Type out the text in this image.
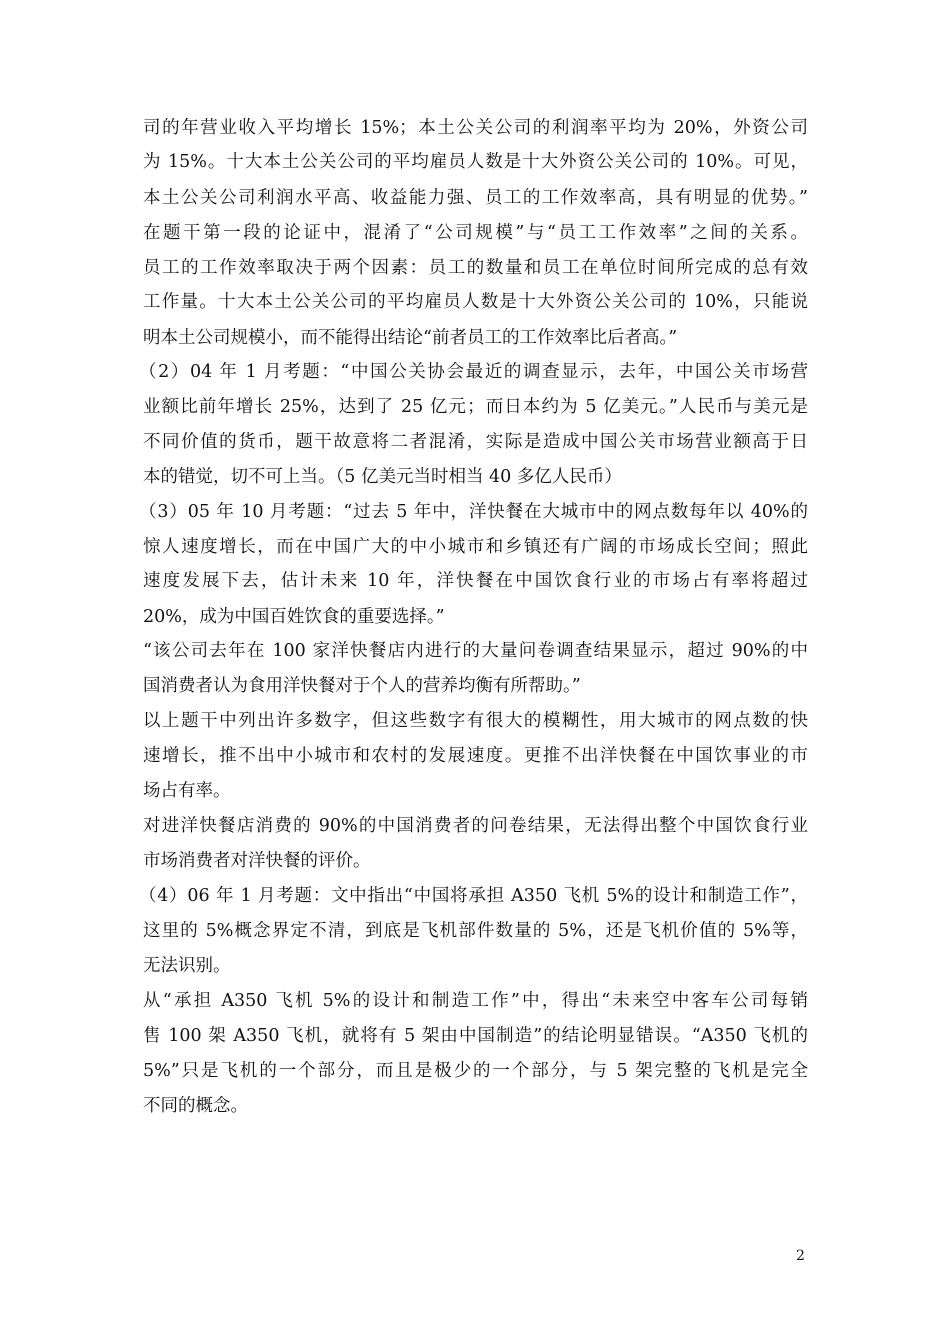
司的年营业收入平均增长 15%；本土公关公司的利润率平均为 20%，外资公司
为 15%。十大本土公关公司的平均雇员人数是十大外资公关公司的 10%。可见，
本土公关公司利润水平高、收益能力强、员工的工作效率高，具有明显的优势。”
在题干第一段的论证中，混淆了“公司规模”与“员工工作效率”之间的关系。
员工的工作效率取决于两个因素：员工的数量和员工在单位时间所完成的总有效
工作量。十大本土公关公司的平均雇员人数是十大外资公关公司的 10%，只能说
明本土公司规模小，而不能得出结论“前者员工的工作效率比后者高。”
（2）04 年 1 月考题：“中国公关协会最近的调查显示，去年，中国公关市场营
业额比前年增长 25%，达到了 25 亿元；而日本约为 5 亿美元。”人民币与美元是
不同价值的货币，题干故意将二者混淆，实际是造成中国公关市场营业额高于日
本的错觉，切不可上当。（5 亿美元当时相当 40 多亿人民币）
（3）05 年 10 月考题：“过去 5 年中，洋快餐在大城市中的网点数每年以 40%的
惊人速度增长，而在中国广大的中小城市和乡镇还有广阔的市场成长空间；照此
速度发展下去，估计未来 10 年，洋快餐在中国饮食行业的市场占有率将超过
20%，成为中国百姓饮食的重要选择。”
“该公司去年在 100 家洋快餐店内进行的大量问卷调查结果显示，超过 90%的中
国消费者认为食用洋快餐对于个人的营养均衡有所帮助。”
以上题干中列出许多数字，但这些数字有很大的模糊性，用大城市的网点数的快
速增长，推不出中小城市和农村的发展速度。更推不出洋快餐在中国饮事业的市
场占有率。
对进洋快餐店消费的 90%的中国消费者的问卷结果，无法得出整个中国饮食行业
市场消费者对洋快餐的评价。
（4）06 年 1 月考题：文中指出“中国将承担 A350 飞机 5%的设计和制造工作”，
这里的 5%概念界定不清，到底是飞机部件数量的 5%，还是飞机价值的 5%等，
无法识别。
从“承担 A350 飞机 5%的设计和制造工作”中，得出“未来空中客车公司每销
售 100 架 A350 飞机，就将有 5 架由中国制造”的结论明显错误。“A350 飞机的
5%”只是飞机的一个部分，而且是极少的一个部分，与 5 架完整的飞机是完全
不同的概念。
2
